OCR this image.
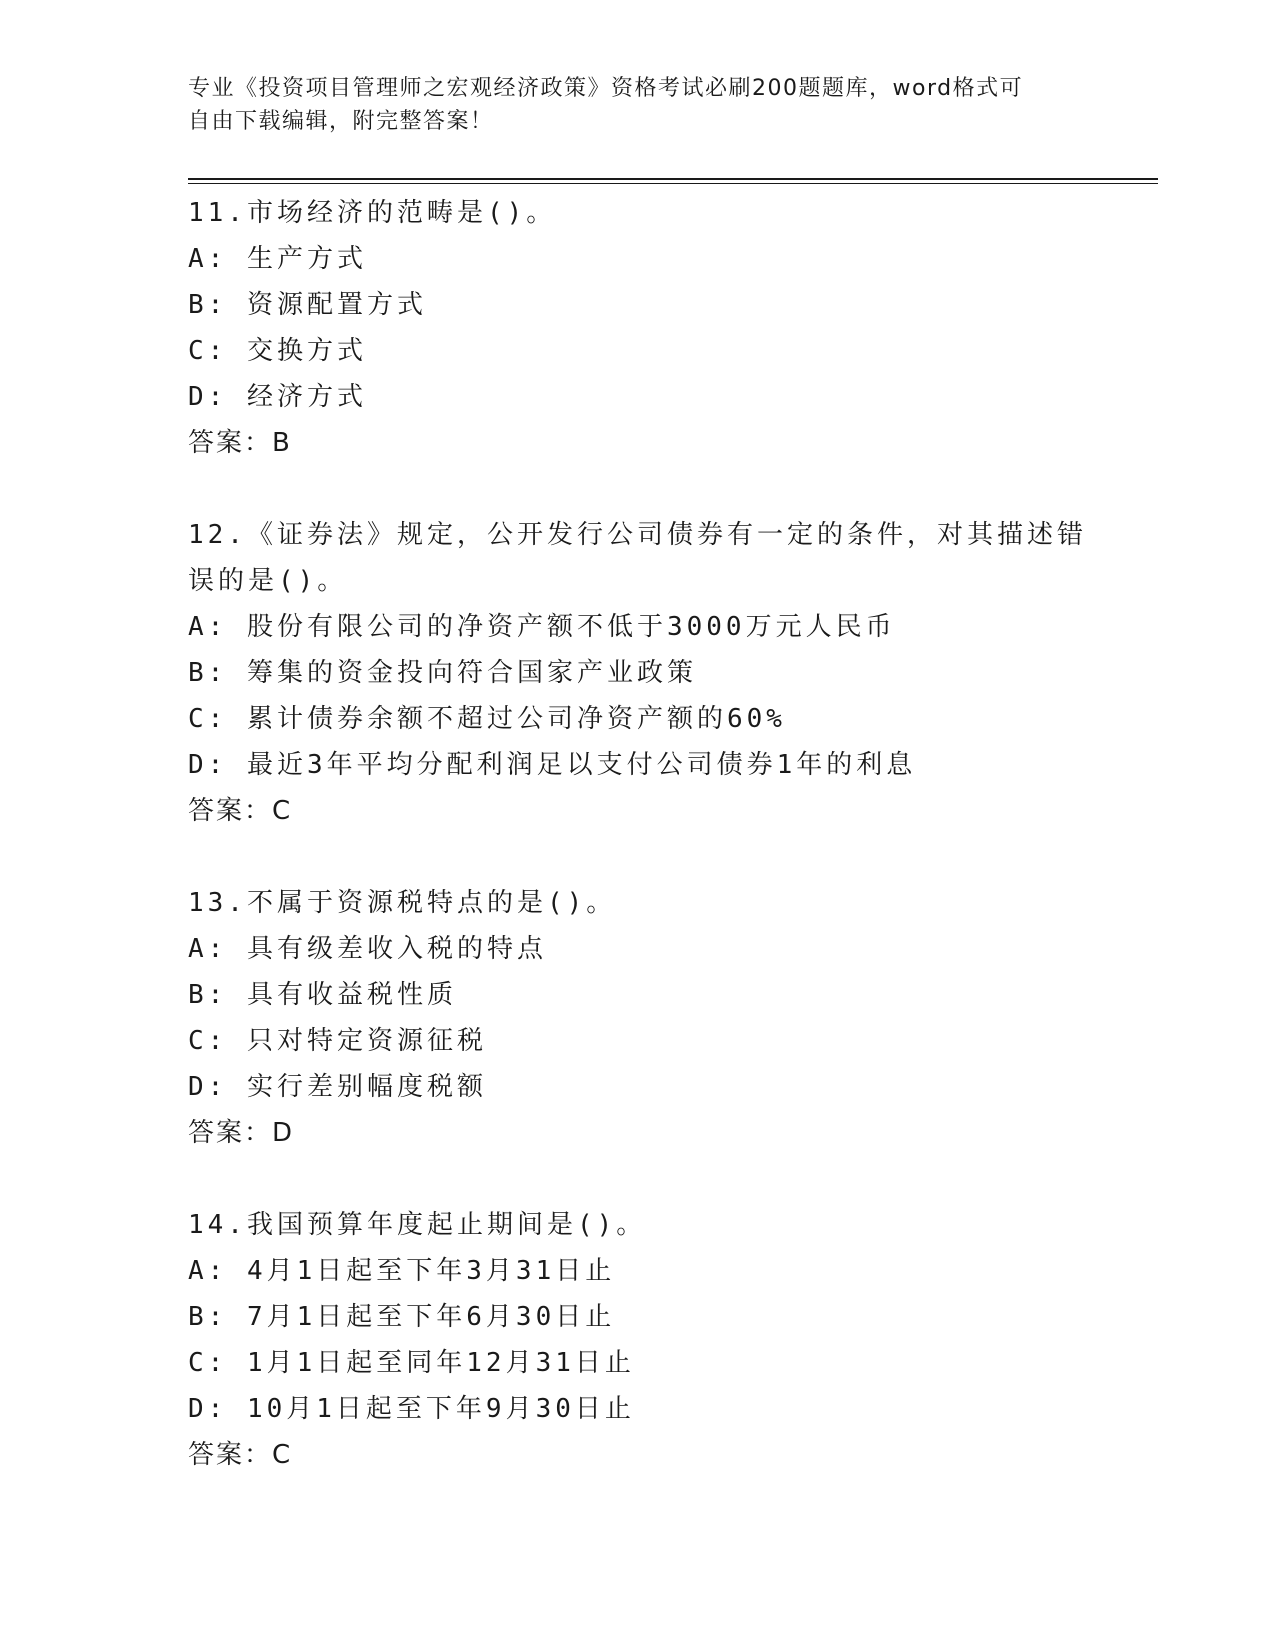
专业《投资项目管理师之宏观经济政策》资格考试必刷200题题库，word格式可
自由下载编辑，附完整答案！

11.市场经济的范畴是()。

A: 生产方式

B: 资源配置方式

C: 交换方式

D: 经济方式

答案：B

12.《证券法》规定，公开发行公司债券有一定的条件，对其描述错误的是()。

A: 股份有限公司的净资产额不低于3000万元人民币

B: 筹集的资金投向符合国家产业政策

C: 累计债券余额不超过公司净资产额的60%

D: 最近3年平均分配利润足以支付公司债券1年的利息

答案：C

13.不属于资源税特点的是()。

A: 具有级差收入税的特点

B: 具有收益税性质

C: 只对特定资源征税

D: 实行差别幅度税额

答案：D

14.我国预算年度起止期间是()。

A: 4月1日起至下年3月31日止

B: 7月1日起至下年6月30日止

C: 1月1日起至同年12月31日止

D: 10月1日起至下年9月30日止

答案：C
